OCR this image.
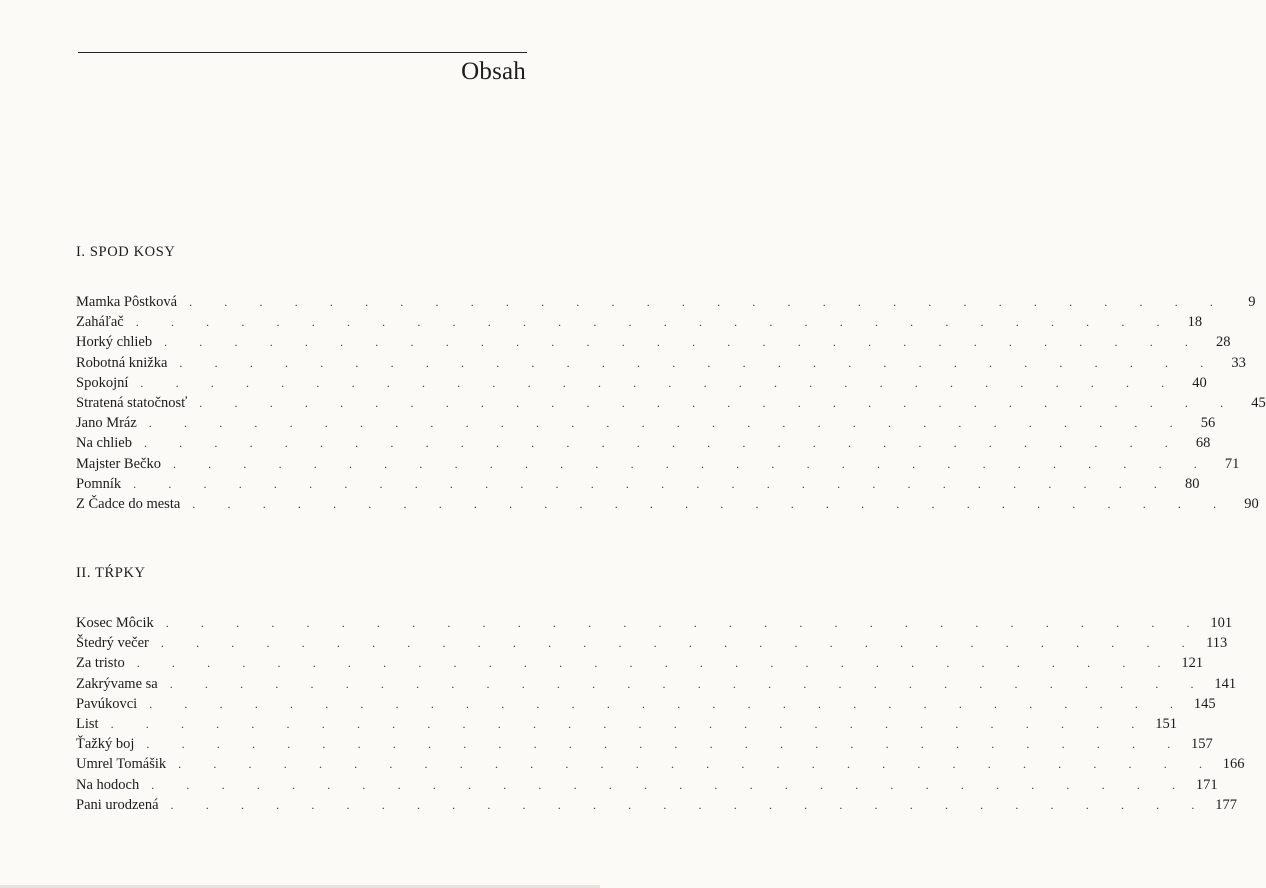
Obsah
I. SPOD KOSY
Mamka Pôstková	. . . . . . . . . . . . . . . . . . . . . . . . . . . . . .	9
Zaháľač	. . . . . . . . . . . . . . . . . . . . . . . . . . . . . . 18
Horký chlieb	. . . . . . . . . . . . . . . . . . . . . . . . . . . . . . 28
Robotná knižka	. . . . . . . . . . . . . . . . . . . . . . . . . . . . . . 33
Spokojní	. . . . . . . . . . . . . . . . . . . . . . . . . . . . . . 40
Stratená statočnosť	. . . . . . . . . . . . . . . . . . . . . . . . . . . . . . 45
Jano Mráz	. . . . . . . . . . . . . . . . . . . . . . . . . . . . . . 56
Na chlieb	. . . . . . . . . . . . . . . . . . . . . . . . . . . . . . 68
Majster Bečko	. . . . . . . . . . . . . . . . . . . . . . . . . . . . . . 71
Pomník	. . . . . . . . . . . . . . . . . . . . . . . . . . . . . . 80
Z Čadce do mesta	. . . . . . . . . . . . . . . . . . . . . . . . . . . . . . 90
II. TŔPKY
Kosec Môcik	. . . . . . . . . . . . . . . . . . . . . . . . . . . . . . 101
Štedrý večer	. . . . . . . . . . . . . . . . . . . . . . . . . . . . . . 113
Za tristo	. . . . . . . . . . . . . . . . . . . . . . . . . . . . . . 121
Zakrývame sa	. . . . . . . . . . . . . . . . . . . . . . . . . . . . . . 141
Pavúkovci	. . . . . . . . . . . . . . . . . . . . . . . . . . . . . . 145
List	. . . . . . . . . . . . . . . . . . . . . . . . . . . . . . 151
Ťažký boj	. . . . . . . . . . . . . . . . . . . . . . . . . . . . . . 157
Umrel Tomášik	. . . . . . . . . . . . . . . . . . . . . . . . . . . . . . 166
Na hodoch	. . . . . . . . . . . . . . . . . . . . . . . . . . . . . . 171
Pani urodzená	. . . . . . . . . . . . . . . . . . . . . . . . . . . . . . 177
